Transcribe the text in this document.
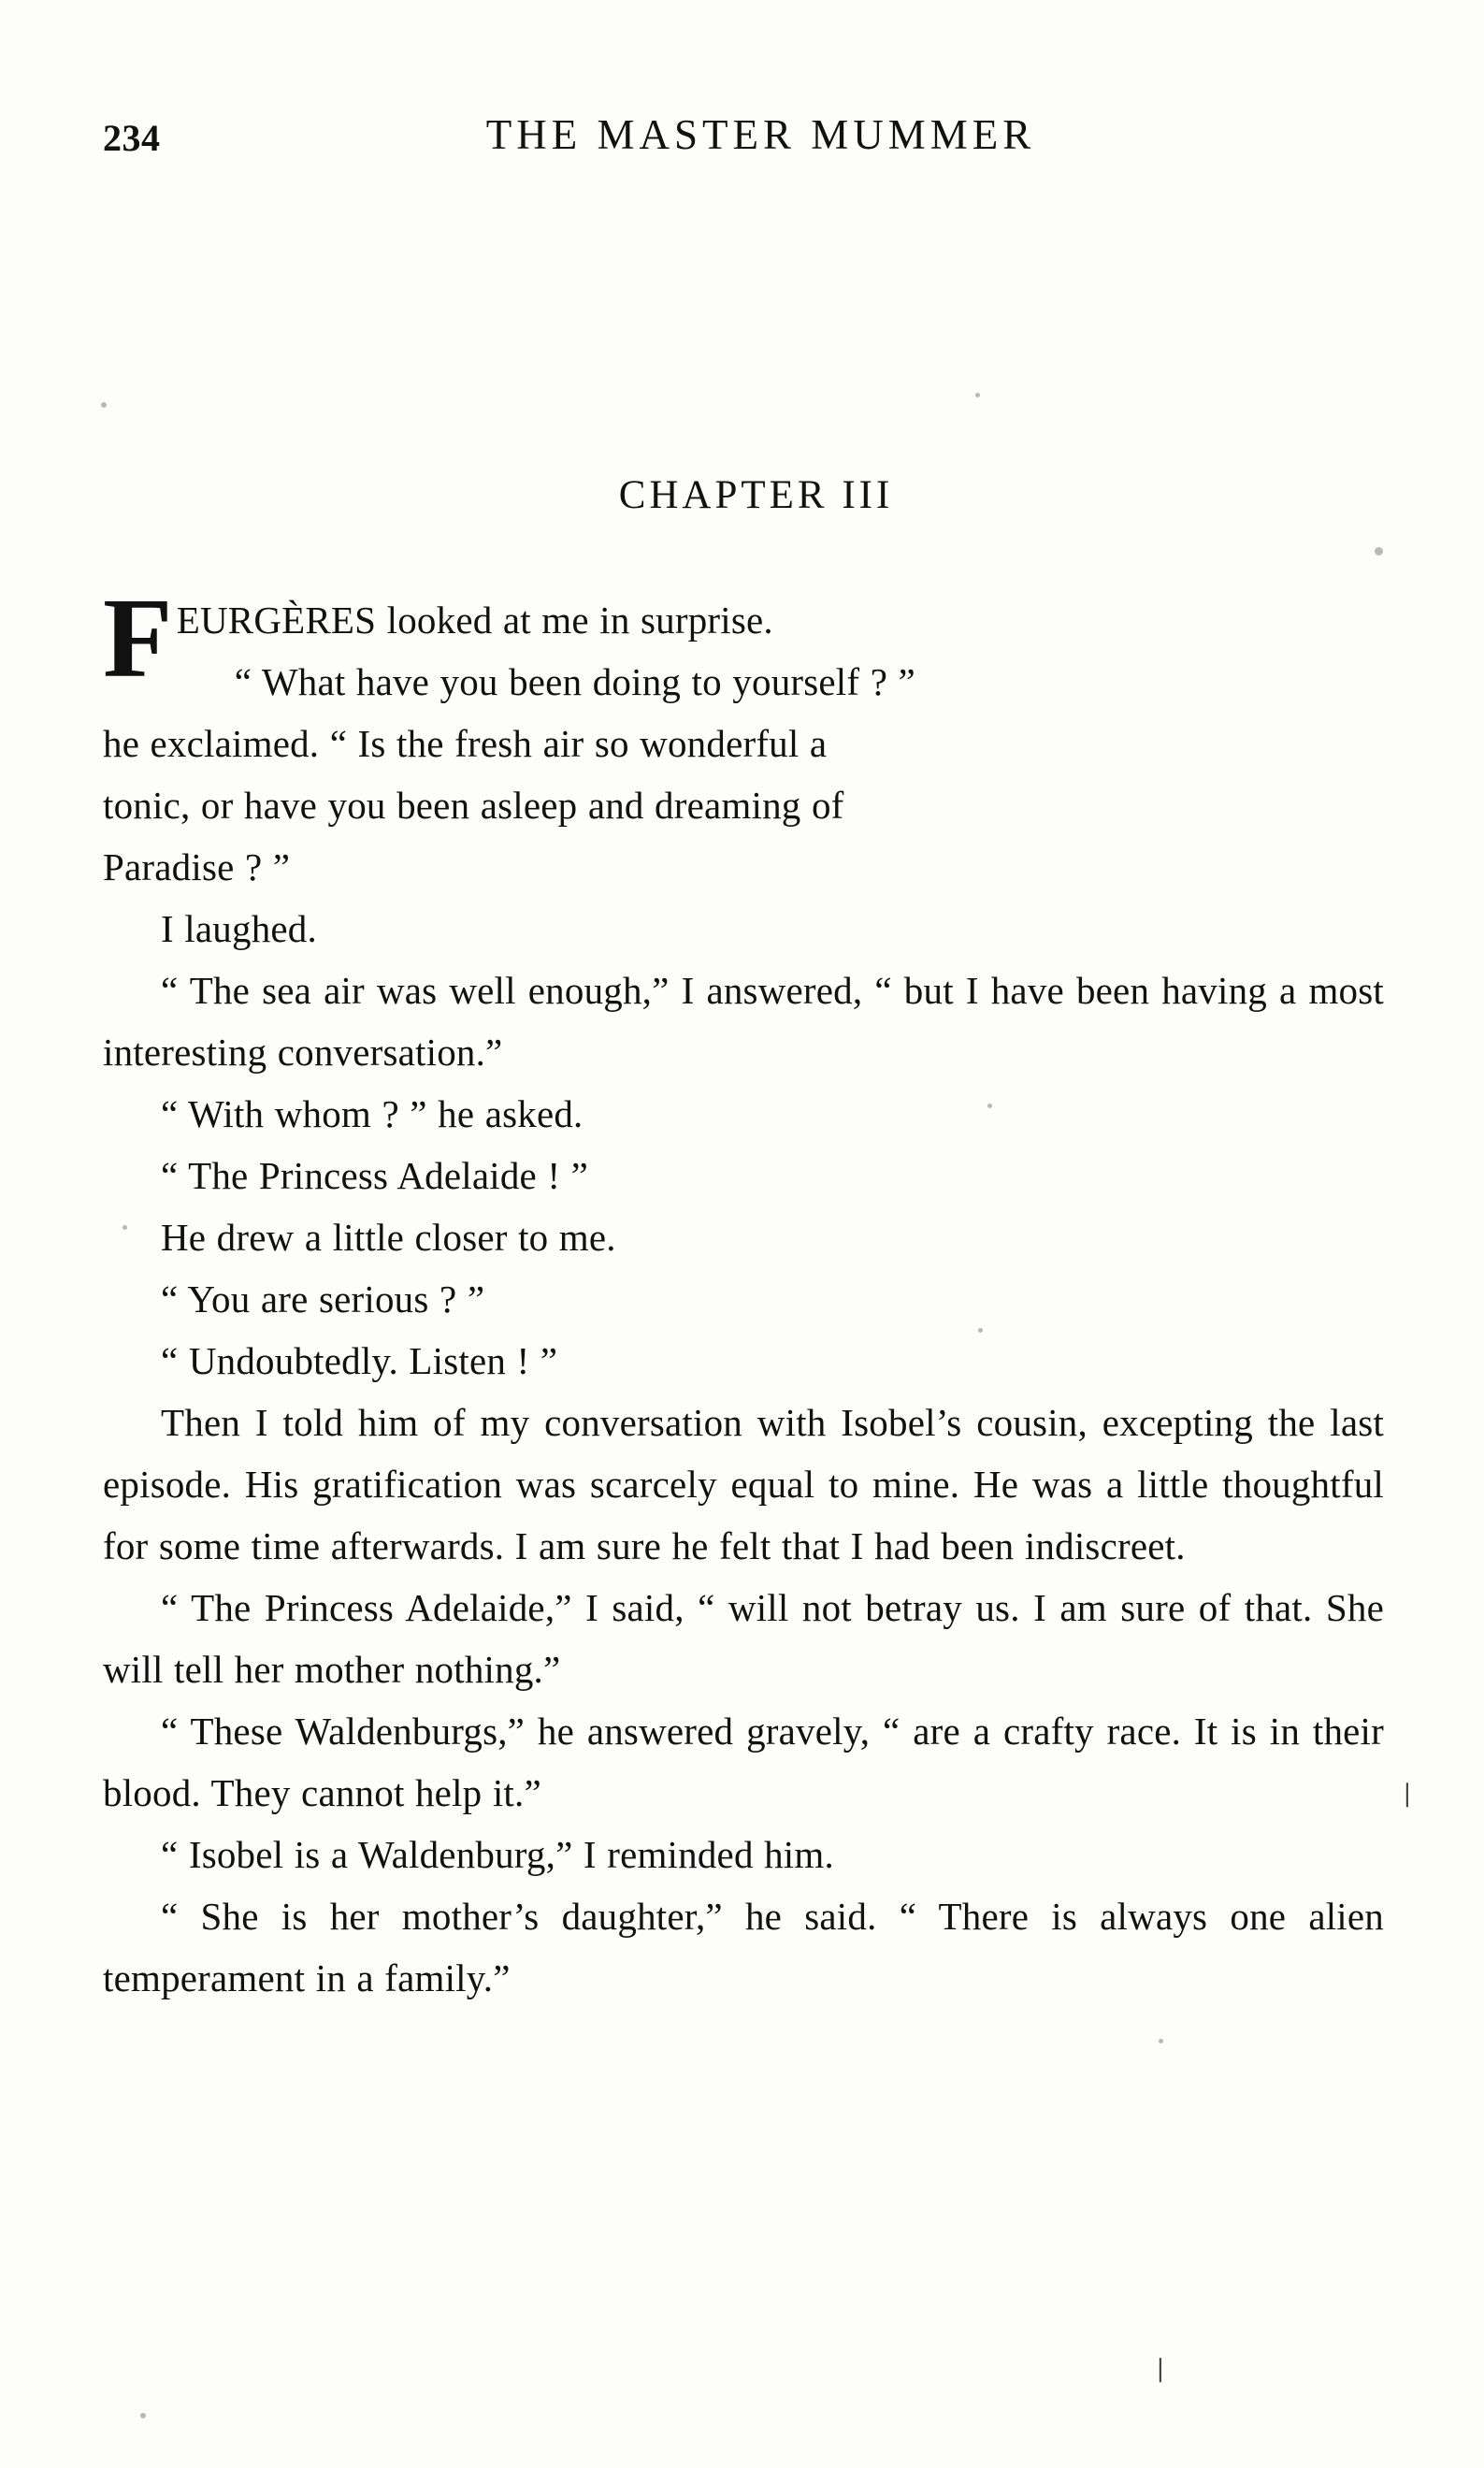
234	THE MASTER MUMMER
CHAPTER III

FEURGÈRES looked at me in surprise.
“ What have you been doing to yourself ? ”
he exclaimed. “ Is the fresh air so wonderful a
tonic, or have you been asleep and dreaming of
Paradise ? ”

I laughed.

“ The sea air was well enough,” I answered, “ but I have been having a most interesting conversation.”

“ With whom ? ” he asked.

“ The Princess Adelaide ! ”

He drew a little closer to me.

“ You are serious ? ”

“ Undoubtedly. Listen ! ”

Then I told him of my conversation with Isobel’s cousin, excepting the last episode. His gratification was scarcely equal to mine. He was a little thoughtful for some time afterwards. I am sure he felt that I had been indiscreet.

“ The Princess Adelaide,” I said, “ will not betray us. I am sure of that. She will tell her mother nothing.”

“ These Waldenburgs,” he answered gravely, “ are a crafty race. It is in their blood. They cannot help it.”

“ Isobel is a Waldenburg,” I reminded him.

“ She is her mother’s daughter,” he said. “ There is always one alien temperament in a family.”

❘
❘
